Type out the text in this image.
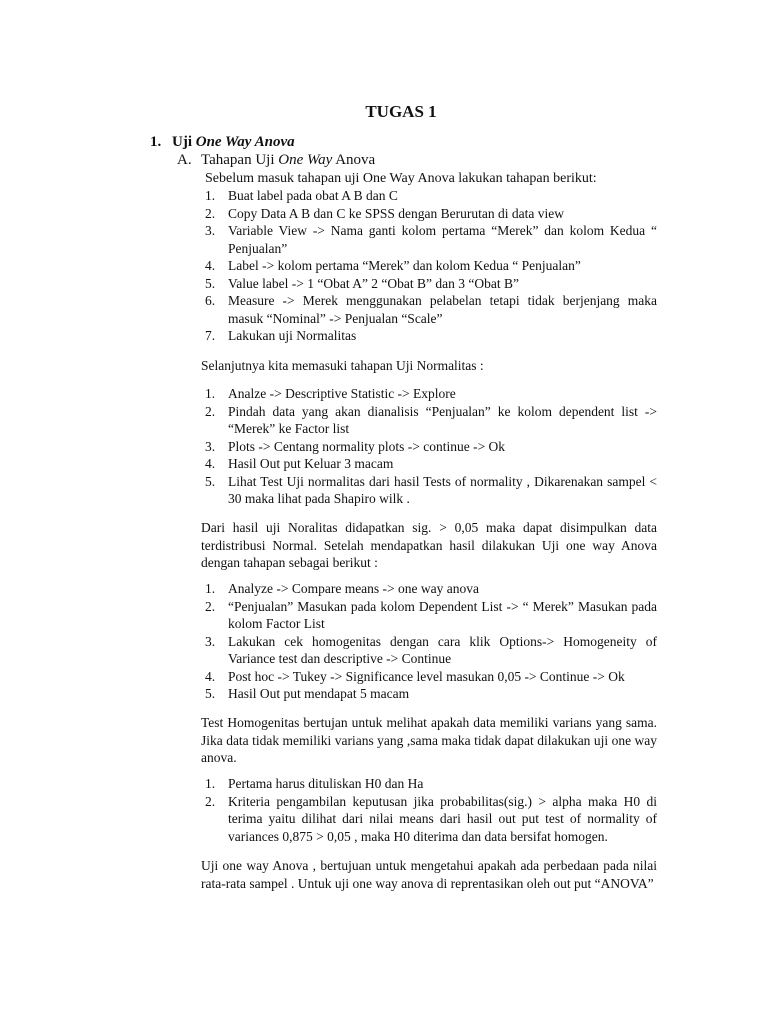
TUGAS 1
1. Uji One Way Anova
A. Tahapan Uji One Way Anova
Sebelum masuk tahapan uji One Way Anova lakukan tahapan berikut:
1. Buat label pada obat A B dan C
2. Copy Data A B dan C ke SPSS dengan Berurutan di data view
3. Variable View -> Nama ganti kolom pertama “Merek” dan kolom Kedua “ Penjualan”
4. Label -> kolom pertama “Merek” dan kolom Kedua “ Penjualan”
5. Value label -> 1 “Obat A” 2 “Obat B” dan 3 “Obat B”
6. Measure -> Merek menggunakan pelabelan tetapi tidak berjenjang maka masuk “Nominal” -> Penjualan “Scale”
7. Lakukan uji Normalitas
Selanjutnya kita memasuki tahapan Uji Normalitas :
1. Analze -> Descriptive Statistic -> Explore
2. Pindah data yang akan dianalisis “Penjualan” ke kolom dependent list -> “Merek” ke Factor list
3. Plots -> Centang normality plots -> continue -> Ok
4. Hasil Out put Keluar 3 macam
5. Lihat Test Uji normalitas dari hasil Tests of normality , Dikarenakan sampel < 30 maka lihat pada Shapiro wilk .
Dari hasil uji Noralitas didapatkan sig. > 0,05 maka dapat disimpulkan data terdistribusi Normal. Setelah mendapatkan hasil dilakukan Uji one way Anova dengan tahapan sebagai berikut :
1. Analyze -> Compare means -> one way anova
2. “Penjualan” Masukan pada kolom Dependent List -> “ Merek” Masukan pada kolom Factor List
3. Lakukan cek homogenitas dengan cara klik Options-> Homogeneity of Variance test dan descriptive -> Continue
4. Post hoc -> Tukey -> Significance level masukan 0,05 -> Continue -> Ok
5. Hasil Out put mendapat 5 macam
Test Homogenitas bertujan untuk melihat apakah data memiliki varians yang sama. Jika data tidak memiliki varians yang ,sama maka tidak dapat dilakukan uji one way anova.
1. Pertama harus dituliskan H0 dan Ha
2. Kriteria pengambilan keputusan jika probabilitas(sig.) > alpha maka H0 di terima yaitu dilihat dari nilai means dari hasil out put test of normality of variances 0,875 > 0,05 , maka H0 diterima dan data bersifat homogen.
Uji one way Anova , bertujuan untuk mengetahui apakah ada perbedaan pada nilai rata-rata sampel . Untuk uji one way anova di reprentasikan oleh out put “ANOVA”
